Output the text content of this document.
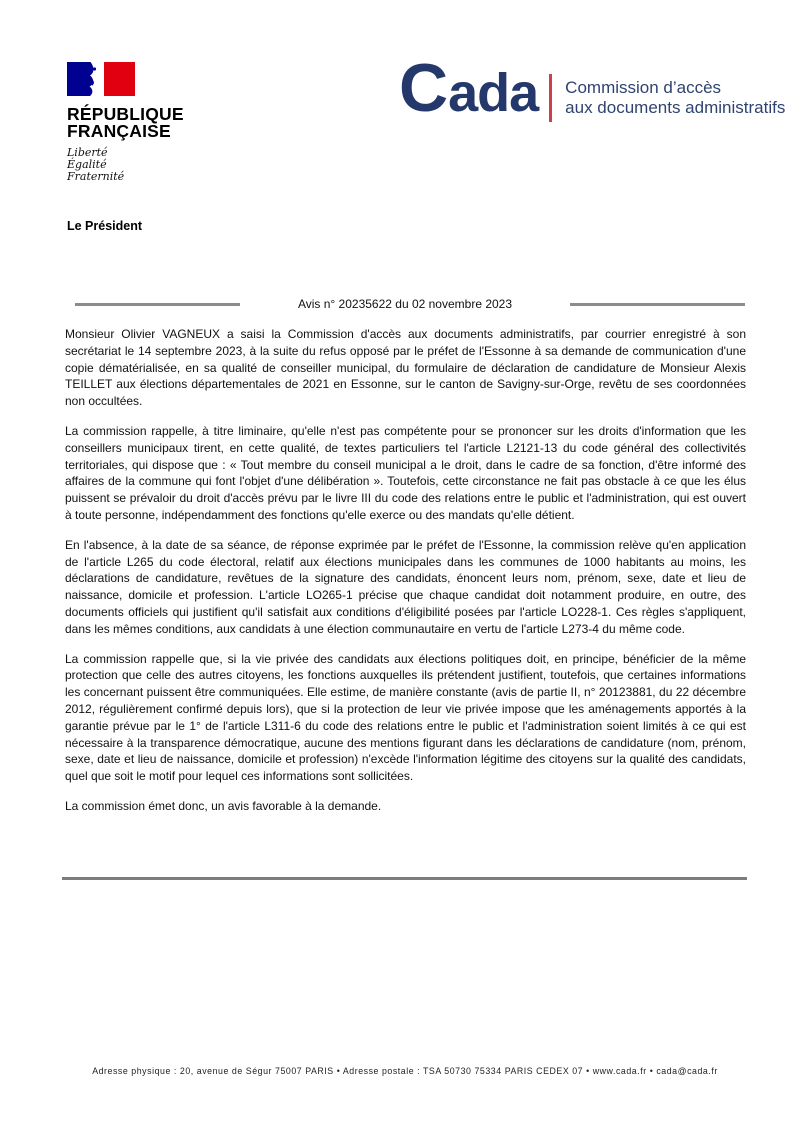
RÉPUBLIQUE
FRANÇAISE
Liberté
Égalité
Fraternité
Cada Commission d’accès
aux documents administratifs
Le Président
Avis n° 20235622 du 02 novembre 2023

Monsieur Olivier VAGNEUX a saisi la Commission d'accès aux documents administratifs, par courrier enregistré à son secrétariat le 14 septembre 2023, à la suite du refus opposé par le préfet de l'Essonne à sa demande de communication d'une copie dématérialisée, en sa qualité de conseiller municipal, du formulaire de déclaration de candidature de Monsieur Alexis TEILLET aux élections départementales de 2021 en Essonne, sur le canton de Savigny-sur-Orge, revêtu de ses coordonnées non occultées.

La commission rappelle, à titre liminaire, qu'elle n'est pas compétente pour se prononcer sur les droits d'information que les conseillers municipaux tirent, en cette qualité, de textes particuliers tel l'article L2121-13 du code général des collectivités territoriales, qui dispose que : « Tout membre du conseil municipal a le droit, dans le cadre de sa fonction, d'être informé des affaires de la commune qui font l'objet d'une délibération ». Toutefois, cette circonstance ne fait pas obstacle à ce que les élus puissent se prévaloir du droit d'accès prévu par le livre III du code des relations entre le public et l'administration, qui est ouvert à toute personne, indépendamment des fonctions qu'elle exerce ou des mandats qu'elle détient.

En l'absence, à la date de sa séance, de réponse exprimée par le préfet de l'Essonne, la commission relève qu'en application de l'article L265 du code électoral, relatif aux élections municipales dans les communes de 1000 habitants au moins, les déclarations de candidature, revêtues de la signature des candidats, énoncent leurs nom, prénom, sexe, date et lieu de naissance, domicile et profession. L'article LO265-1 précise que chaque candidat doit notamment produire, en outre, des documents officiels qui justifient qu'il satisfait aux conditions d'éligibilité posées par l'article LO228-1. Ces règles s'appliquent, dans les mêmes conditions, aux candidats à une élection communautaire en vertu de l'article L273-4 du même code.

La commission rappelle que, si la vie privée des candidats aux élections politiques doit, en principe, bénéficier de la même protection que celle des autres citoyens, les fonctions auxquelles ils prétendent justifient, toutefois, que certaines informations les concernant puissent être communiquées. Elle estime, de manière constante (avis de partie II, n° 20123881, du 22 décembre 2012, régulièrement confirmé depuis lors), que si la protection de leur vie privée impose que les aménagements apportés à la garantie prévue par le 1° de l'article L311-6 du code des relations entre le public et l'administration soient limités à ce qui est nécessaire à la transparence démocratique, aucune des mentions figurant dans les déclarations de candidature (nom, prénom, sexe, date et lieu de naissance, domicile et profession) n'excède l'information légitime des citoyens sur la qualité des candidats, quel que soit le motif pour lequel ces informations sont sollicitées.

La commission émet donc, un avis favorable à la demande.

Adresse physique : 20, avenue de Ségur 75007 PARIS • Adresse postale : TSA 50730 75334 PARIS CEDEX 07 • www.cada.fr • cada@cada.fr
